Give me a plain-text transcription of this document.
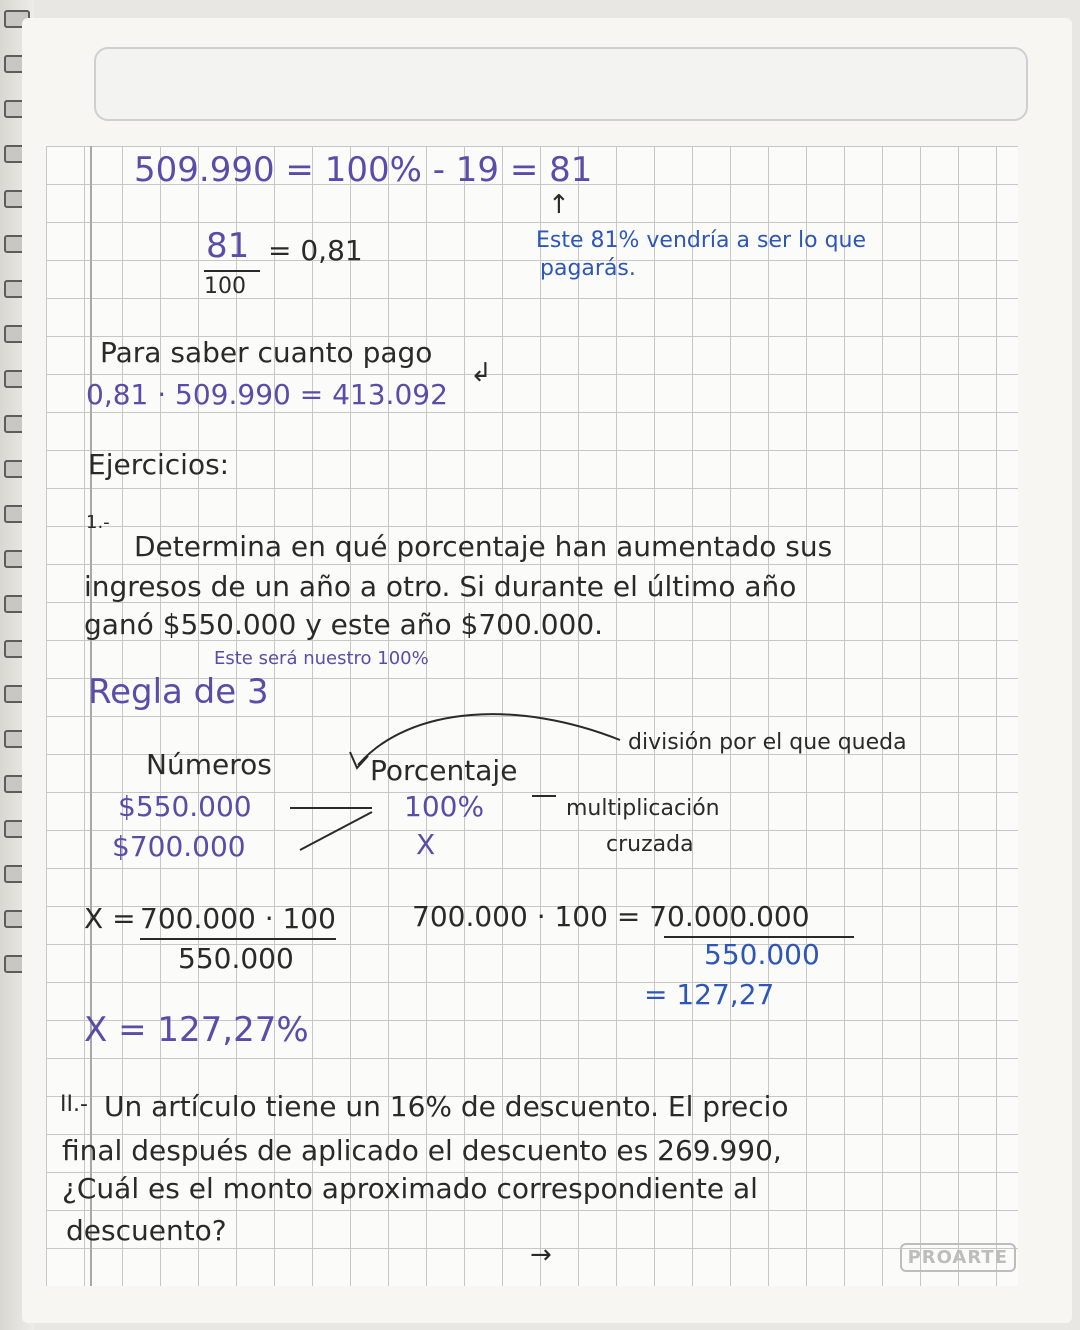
509.990 = 100% - 19 = 81
81
100
= 0,81
↑
Este 81% vendría a ser lo que
pagarás.
Para saber cuanto pago
0,81 · 509.990 = 413.092
↲
Ejercicios:
1.-
Determina en qué porcentaje han aumentado sus
ingresos de un año a otro. Si durante el último año
ganó $550.000 y este año $700.000.
Este será nuestro 100%
Regla de 3
Números	Porcentaje
división por el que queda
$550.000
$700.000
100%
X
multiplicación
cruzada
X = 700.000 · 100
550.000
700.000 · 100 = 70.000.000
550.000
= 127,27
X = 127,27%
II.- Un artículo tiene un 16% de descuento. El precio
final después de aplicado el descuento es 269.990,
¿Cuál es el monto aproximado correspondiente al
descuento?
→	PROARTE
